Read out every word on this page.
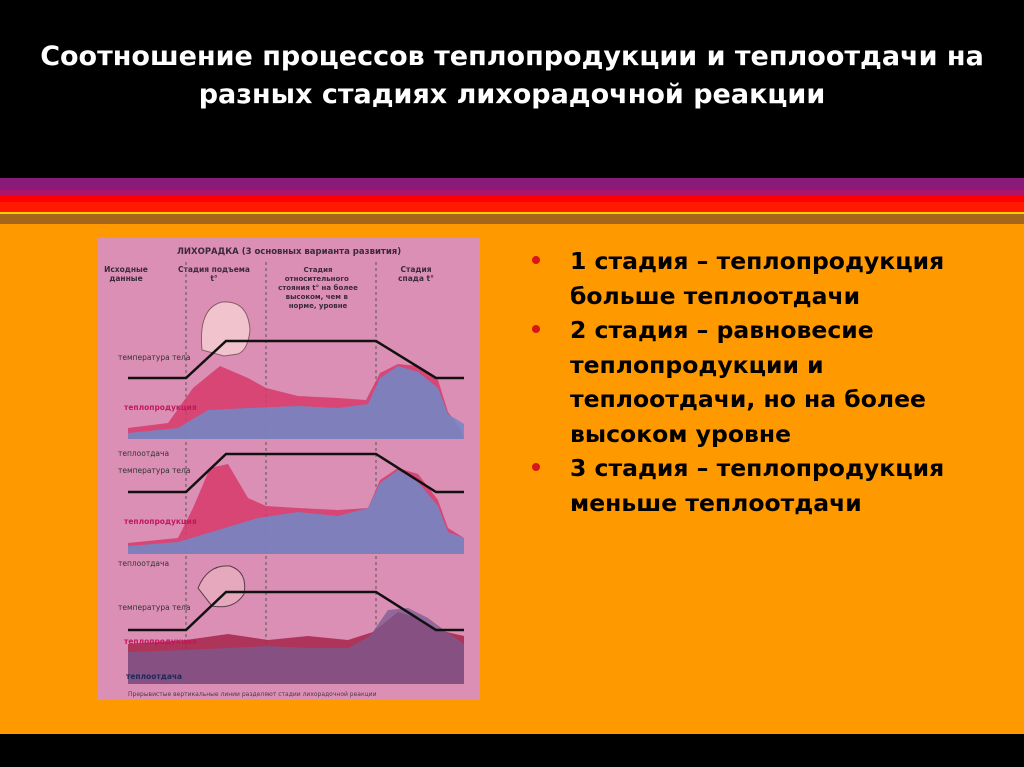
Соотношение процессов теплопродукции и теплоотдачи на разных стадиях лихорадочной реакции
ЛИХОРАДКА (3 основных варианта развития)
Исходные данные
Стадия подъема t°
Стадия относительного стояния t° на более высоком, чем в норме, уровне
Стадия спада t°
температура тела
теплопродукция
теплоотдача
температура тела
теплопродукция
теплоотдача
температура тела
теплопродукция
теплоотдача
Прерывистые вертикальные линии разделяют стадии лихорадочной реакции
1 стадия – теплопродукция больше теплоотдачи
2 стадия – равновесие теплопродукции и теплоотдачи, но на более высоком уровне
3 стадия – теплопродукция меньше теплоотдачи
